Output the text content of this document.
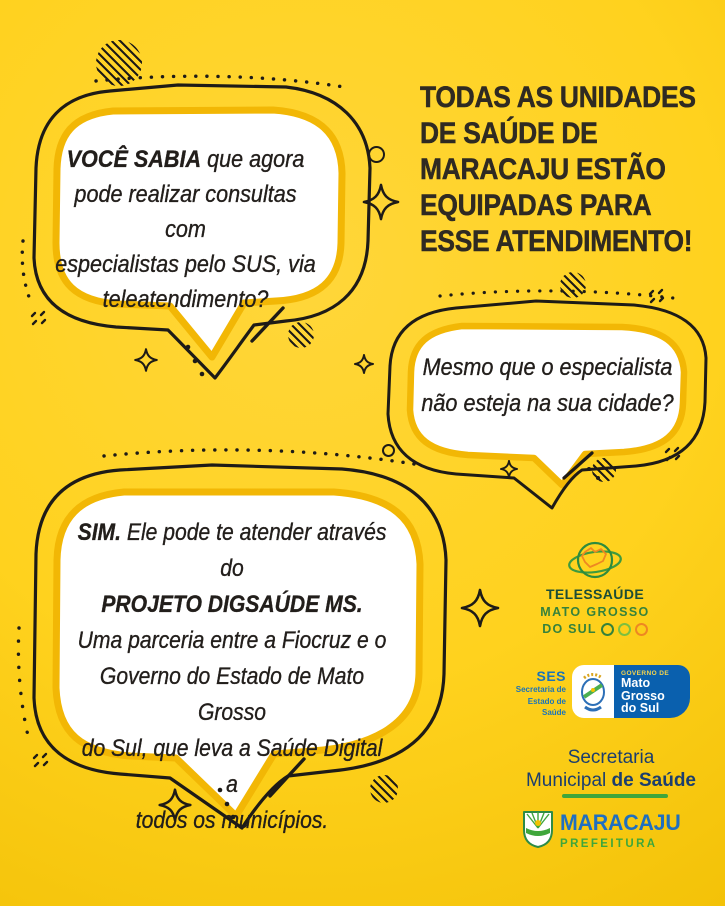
VOCÊ SABIA que agora
pode realizar consultas com
especialistas pelo SUS, via
teleatendimento?
TODAS AS UNIDADES
DE SAÚDE DE
MARACAJU ESTÃO
EQUIPADAS PARA
ESSE ATENDIMENTO!
Mesmo que o especialista
não esteja na sua cidade?
SIM. Ele pode te atender através do
PROJETO DIGSAÚDE MS.
Uma parceria entre a Fiocruz e o
Governo do Estado de Mato Grosso
do Sul, que leva a Saúde Digital a
todos os municípios.
TELESSAÚDE
MATO GROSSO
DO SUL
SES
Secretaria de
Estado de
Saúde
GOVERNO DE
Mato
Grosso
do Sul
Secretaria
Municipal de Saúde
MARACAJU
PREFEITURA
